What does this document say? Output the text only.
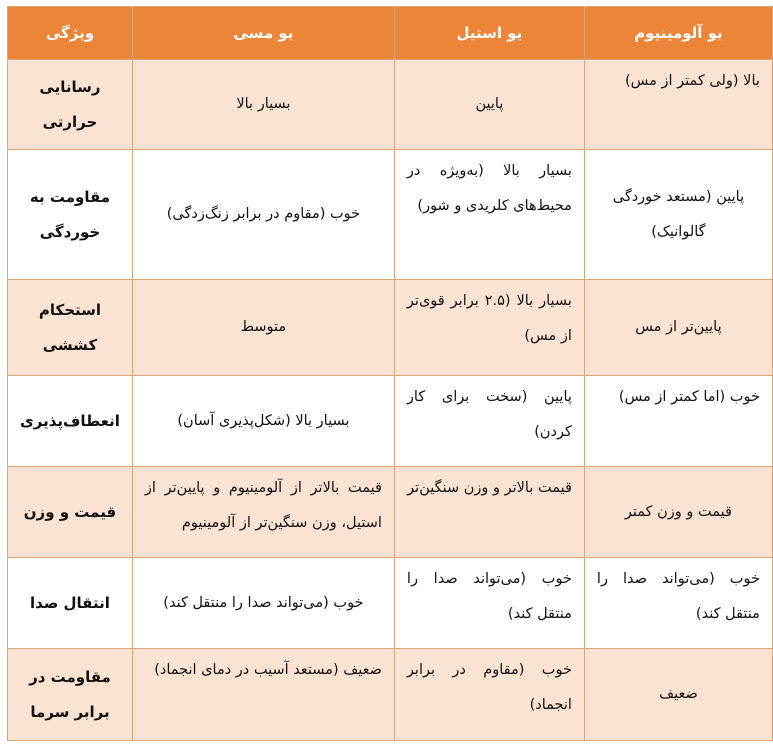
یو آلومینیوم	یو استیل	یو مسی	ویژگی
بالا (ولی کمتر از مس)	پایین	بسیار بالا	رسانایی حرارتی
پایین (مستعد خوردگی گالوانیک)	بسیار بالا (به‌ویژه در محیط‌های کلریدی و شور)	خوب (مقاوم در برابر زنگ‌زدگی)	مقاومت به خوردگی
پایین‌تر از مس	بسیار بالا (۲.۵ برابر قوی‌تر از مس)	متوسط	استحکام کششی
خوب (اما کمتر از مس)	پایین (سخت برای کار کردن)	بسیار بالا (شکل‌پذیری آسان)	انعطاف‌پذیری
قیمت و وزن کمتر	قیمت بالاتر و وزن سنگین‌تر	قیمت بالاتر از آلومینیوم و پایین‌تر از استیل، وزن سنگین‌تر از آلومینیوم	قیمت و وزن
خوب (می‌تواند صدا را منتقل کند)	خوب (می‌تواند صدا را منتقل کند)	خوب (می‌تواند صدا را منتقل کند)	انتقال صدا
ضعیف	خوب (مقاوم در برابر انجماد)	ضعیف (مستعد آسیب در دمای انجماد)	مقاومت در برابر سرما
